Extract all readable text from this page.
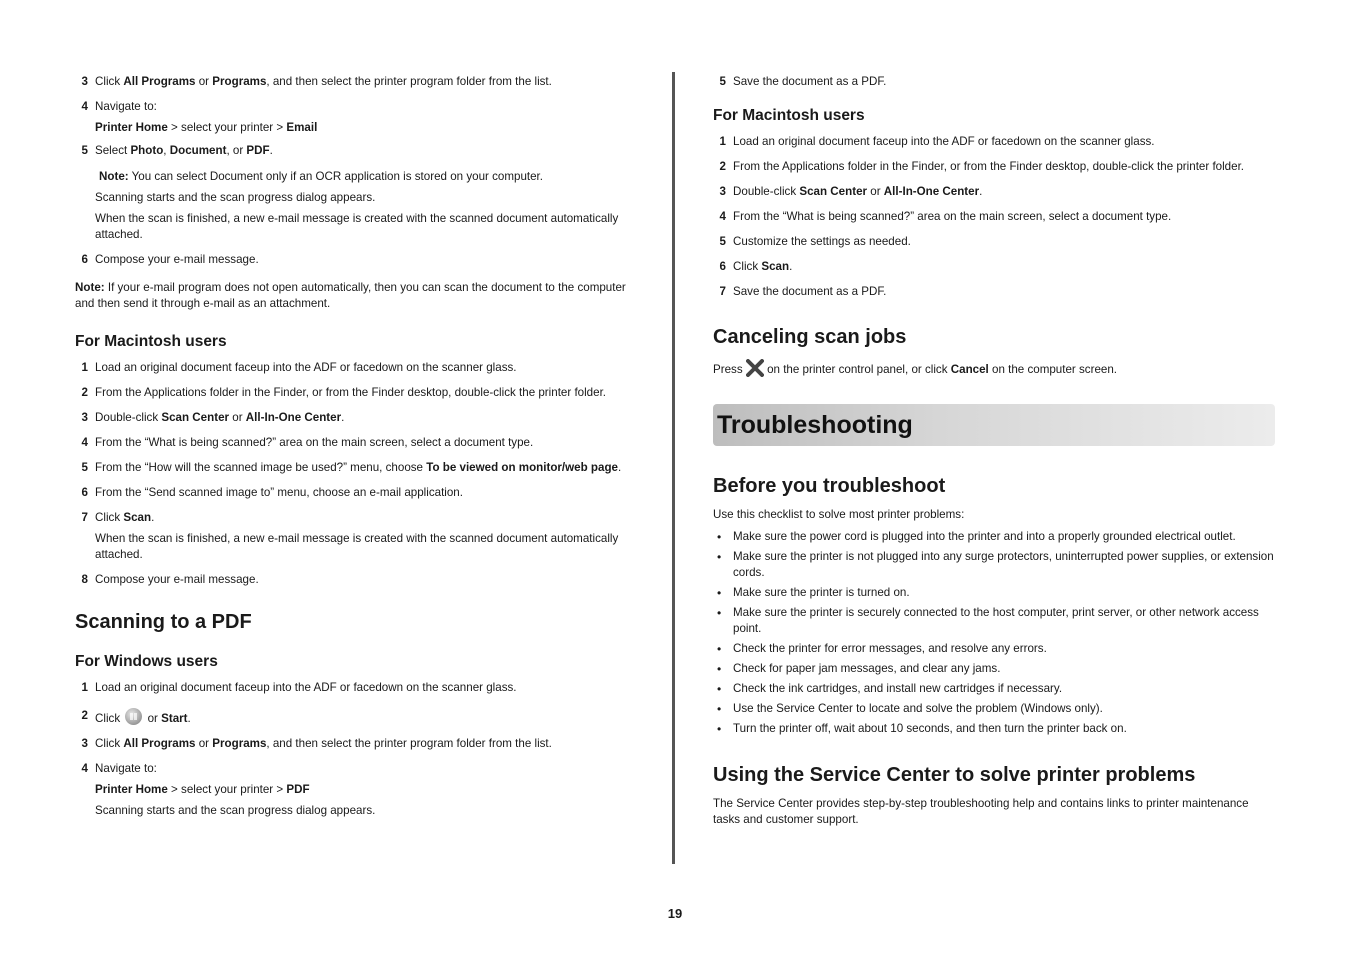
3 Click All Programs or Programs, and then select the printer program folder from the list.
4 Navigate to:
Printer Home > select your printer > Email
5 Select Photo, Document, or PDF.
Note: You can select Document only if an OCR application is stored on your computer.
Scanning starts and the scan progress dialog appears.
When the scan is finished, a new e-mail message is created with the scanned document automatically attached.
6 Compose your e-mail message.
Note: If your e-mail program does not open automatically, then you can scan the document to the computer and then send it through e-mail as an attachment.
For Macintosh users
1 Load an original document faceup into the ADF or facedown on the scanner glass.
2 From the Applications folder in the Finder, or from the Finder desktop, double-click the printer folder.
3 Double-click Scan Center or All-In-One Center.
4 From the “What is being scanned?” area on the main screen, select a document type.
5 From the “How will the scanned image be used?” menu, choose To be viewed on monitor/web page.
6 From the “Send scanned image to” menu, choose an e-mail application.
7 Click Scan.
When the scan is finished, a new e-mail message is created with the scanned document automatically attached.
8 Compose your e-mail message.
Scanning to a PDF
For Windows users
1 Load an original document faceup into the ADF or facedown on the scanner glass.
2 Click  or Start.
3 Click All Programs or Programs, and then select the printer program folder from the list.
4 Navigate to:
Printer Home > select your printer > PDF
Scanning starts and the scan progress dialog appears.
5 Save the document as a PDF.
For Macintosh users
1 Load an original document faceup into the ADF or facedown on the scanner glass.
2 From the Applications folder in the Finder, or from the Finder desktop, double-click the printer folder.
3 Double-click Scan Center or All-In-One Center.
4 From the “What is being scanned?” area on the main screen, select a document type.
5 Customize the settings as needed.
6 Click Scan.
7 Save the document as a PDF.
Canceling scan jobs
Press  on the printer control panel, or click Cancel on the computer screen.
Troubleshooting
Before you troubleshoot
Use this checklist to solve most printer problems:
• Make sure the power cord is plugged into the printer and into a properly grounded electrical outlet.
• Make sure the printer is not plugged into any surge protectors, uninterrupted power supplies, or extension cords.
• Make sure the printer is turned on.
• Make sure the printer is securely connected to the host computer, print server, or other network access point.
• Check the printer for error messages, and resolve any errors.
• Check for paper jam messages, and clear any jams.
• Check the ink cartridges, and install new cartridges if necessary.
• Use the Service Center to locate and solve the problem (Windows only).
• Turn the printer off, wait about 10 seconds, and then turn the printer back on.
Using the Service Center to solve printer problems
The Service Center provides step-by-step troubleshooting help and contains links to printer maintenance tasks and customer support.
19
